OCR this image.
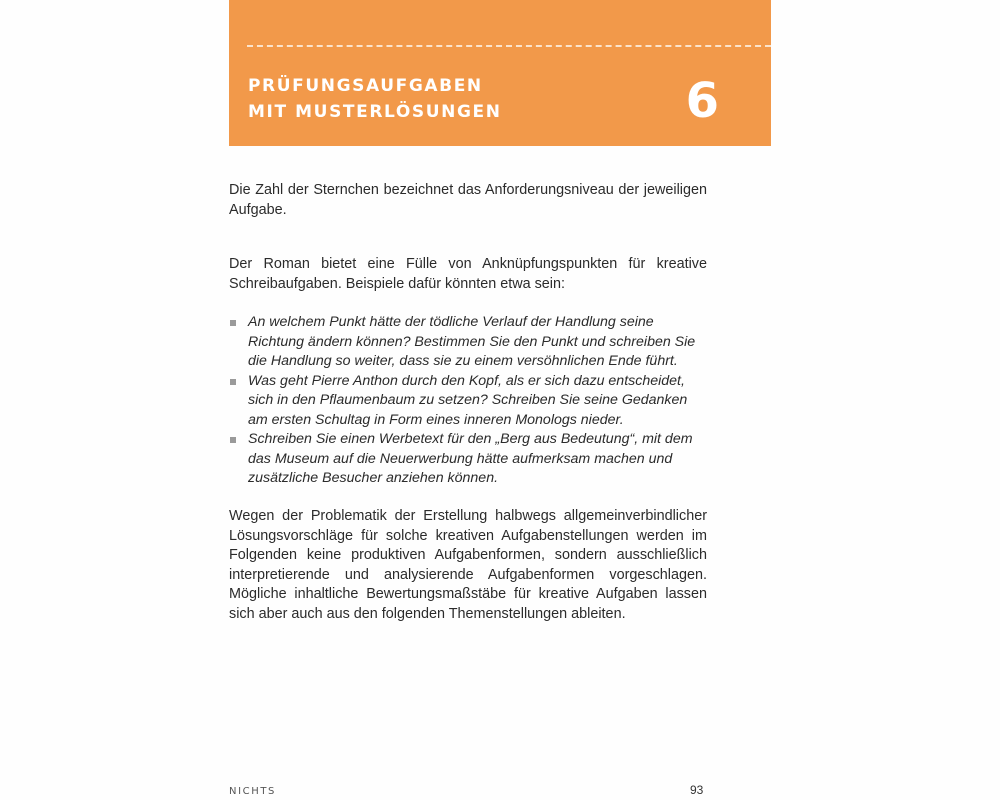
PRÜFUNGSAUFGABEN
MIT MUSTERLÖSUNGEN	6

Die Zahl der Sternchen bezeichnet das Anforderungsniveau der jeweiligen Aufgabe.

Der Roman bietet eine Fülle von Anknüpfungspunkten für kreative Schreibaufgaben. Beispiele dafür könnten etwa sein:

An welchem Punkt hätte der tödliche Verlauf der Handlung seine Richtung ändern können? Bestimmen Sie den Punkt und schreiben Sie die Handlung so weiter, dass sie zu einem versöhnlichen Ende führt.
Was geht Pierre Anthon durch den Kopf, als er sich dazu entscheidet, sich in den Pflaumenbaum zu setzen? Schreiben Sie seine Gedanken am ersten Schultag in Form eines inneren Monologs nieder.
Schreiben Sie einen Werbetext für den „Berg aus Bedeutung“, mit dem das Museum auf die Neuerwerbung hätte aufmerksam machen und zusätzliche Besucher anziehen können.

Wegen der Problematik der Erstellung halbwegs allgemeinverbindlicher Lösungsvorschläge für solche kreativen Aufgabenstellungen werden im Folgenden keine produktiven Aufgabenformen, sondern ausschließlich interpretierende und analysierende Aufgabenformen vorgeschlagen. Mögliche inhaltliche Bewertungsmaßstäbe für kreative Aufgaben lassen sich aber auch aus den folgenden Themenstellungen ableiten.

NICHTS	93
